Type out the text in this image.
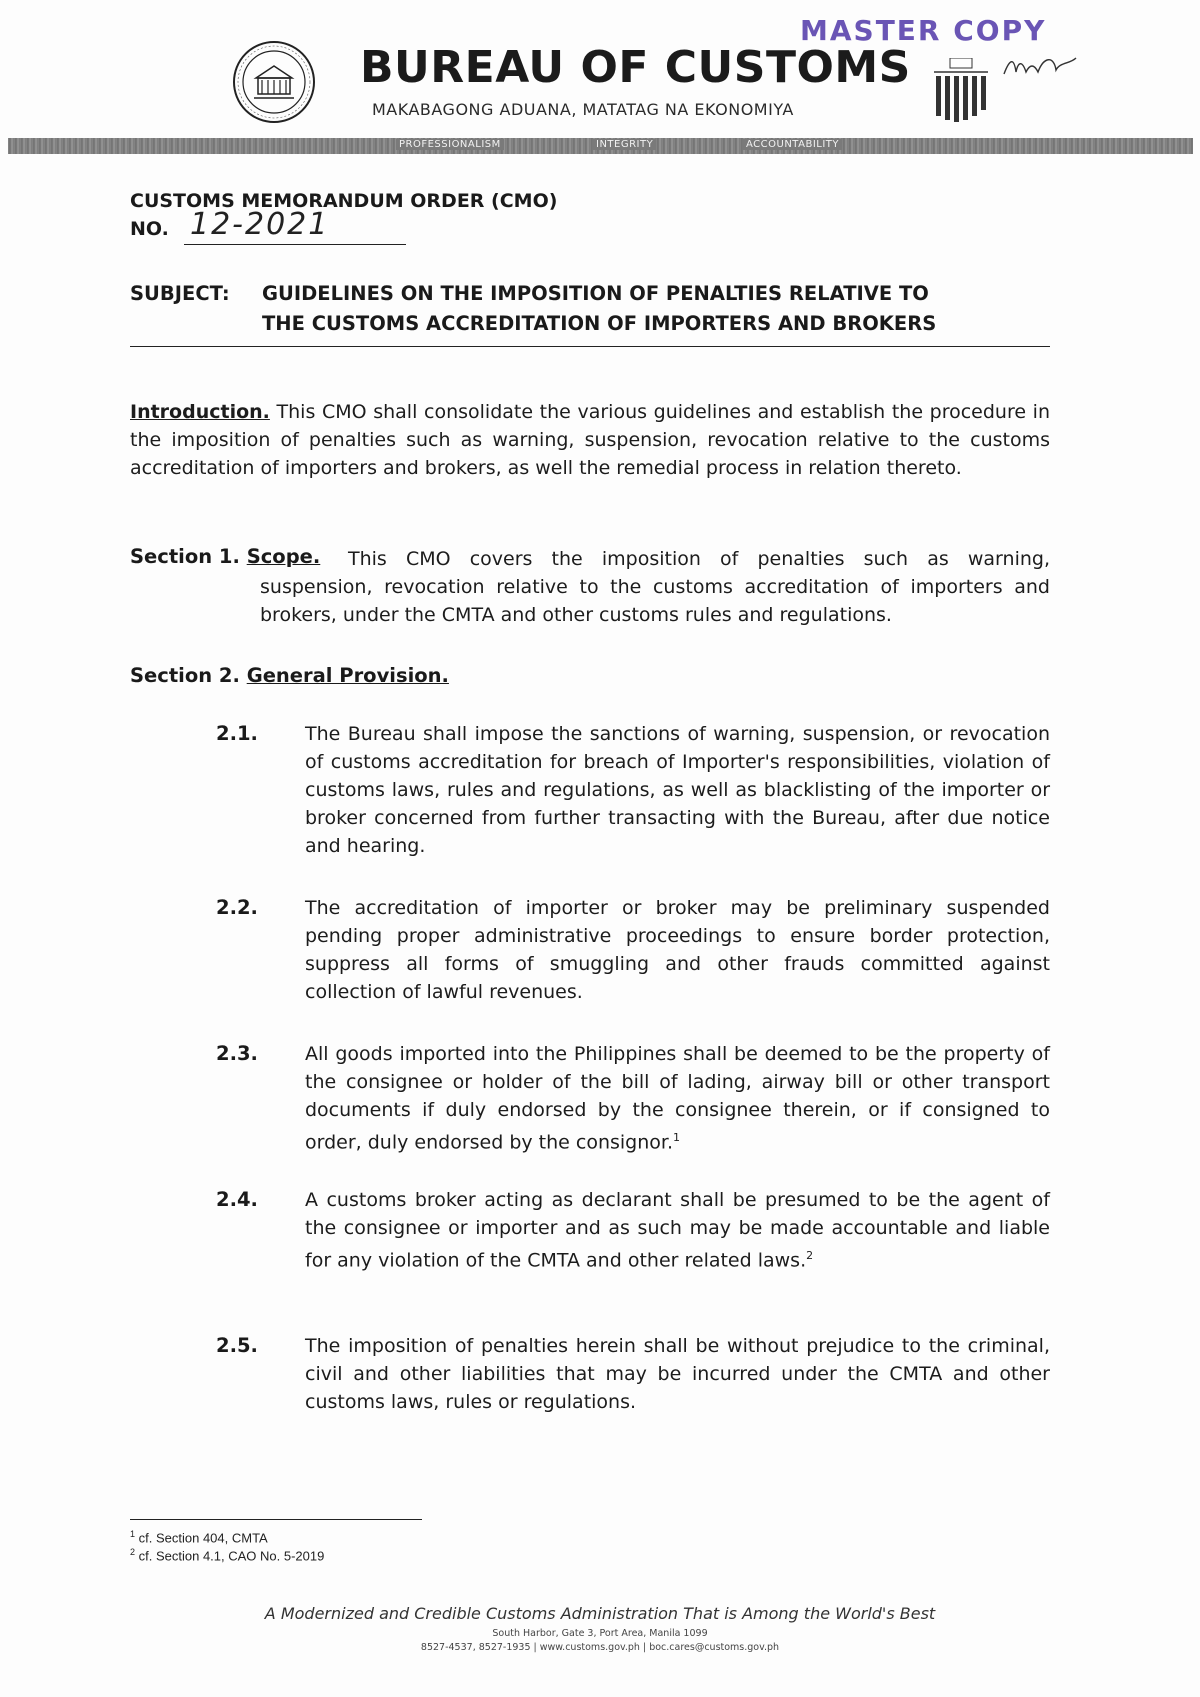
BUREAU OF CUSTOMS
MAKABAGONG ADUANA, MATATAG NA EKONOMIYA
MASTER COPY
PROFESSIONALISM	INTEGRITY	ACCOUNTABILITY
CUSTOMS MEMORANDUM ORDER (CMO)
NO. 12-2021
SUBJECT: GUIDELINES ON THE IMPOSITION OF PENALTIES RELATIVE TO
THE CUSTOMS ACCREDITATION OF IMPORTERS AND BROKERS
Introduction. This CMO shall consolidate the various guidelines and establish the procedure in the imposition of penalties such as warning, suspension, revocation relative to the customs accreditation of importers and brokers, as well the remedial process in relation thereto.
Section 1. Scope.	This CMO covers the imposition of penalties such as warning, suspension, revocation relative to the customs accreditation of importers and brokers, under the CMTA and other customs rules and regulations.
Section 2. General Provision.
2.1. The Bureau shall impose the sanctions of warning, suspension, or revocation of customs accreditation for breach of Importer's responsibilities, violation of customs laws, rules and regulations, as well as blacklisting of the importer or broker concerned from further transacting with the Bureau, after due notice and hearing.
2.2. The accreditation of importer or broker may be preliminary suspended pending proper administrative proceedings to ensure border protection, suppress all forms of smuggling and other frauds committed against collection of lawful revenues.
2.3. All goods imported into the Philippines shall be deemed to be the property of the consignee or holder of the bill of lading, airway bill or other transport documents if duly endorsed by the consignee therein, or if consigned to order, duly endorsed by the consignor.$^1$
2.4. A customs broker acting as declarant shall be presumed to be the agent of the consignee or importer and as such may be made accountable and liable for any violation of the CMTA and other related laws.$^2$
2.5. The imposition of penalties herein shall be without prejudice to the criminal, civil and other liabilities that may be incurred under the CMTA and other customs laws, rules or regulations.
$^1$ cf. Section 404, CMTA
$^2$ cf. Section 4.1, CAO No. 5-2019
A Modernized and Credible Customs Administration That is Among the World's Best
South Harbor, Gate 3, Port Area, Manila 1099
8527-4537, 8527-1935 | www.customs.gov.ph | boc.cares@customs.gov.ph
